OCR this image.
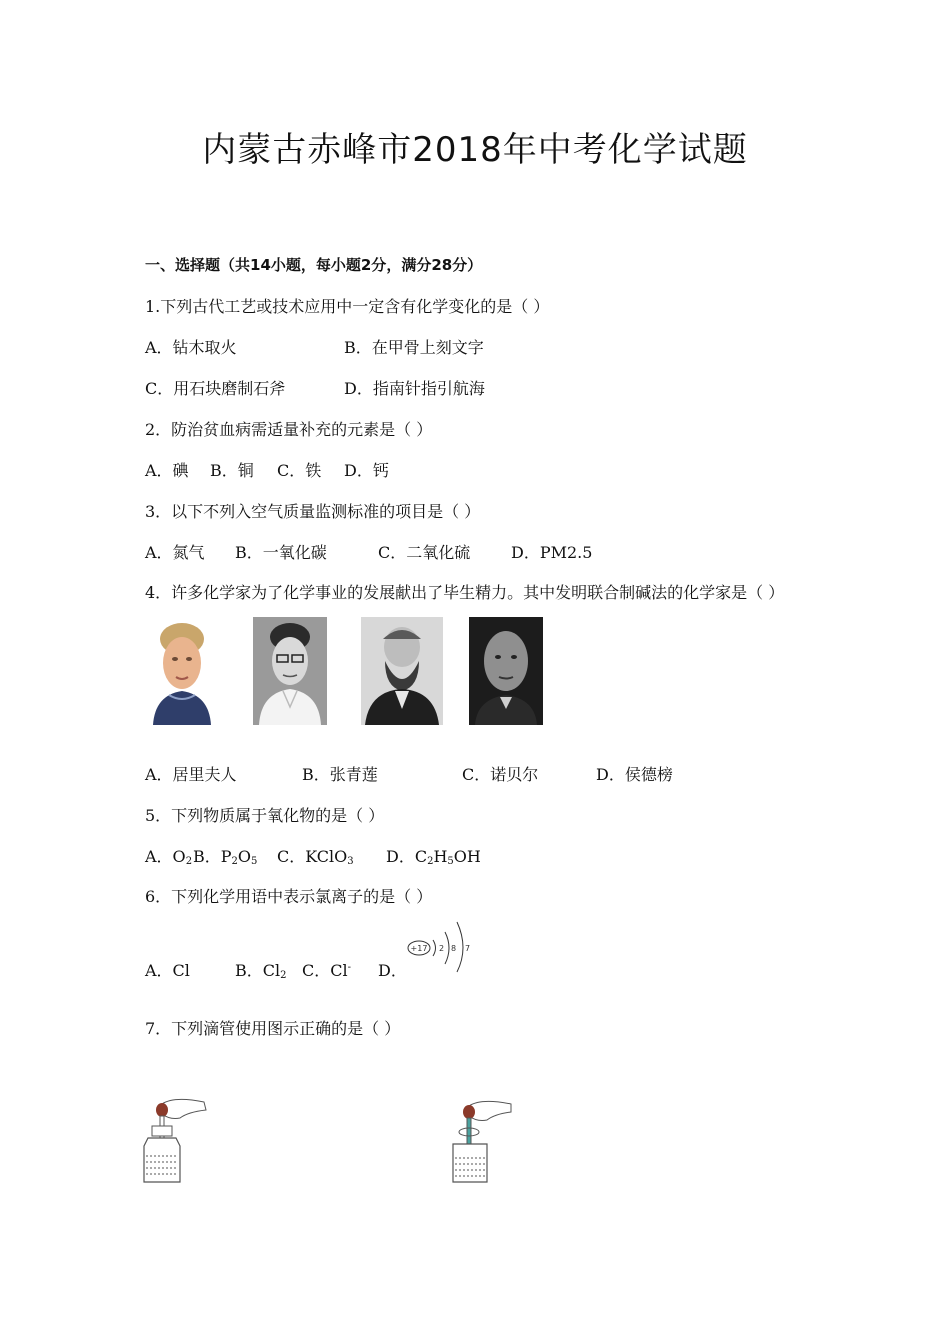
内蒙古赤峰市2018年中考化学试题
一、选择题（共14小题，每小题2分，满分28分）
1.下列古代工艺或技术应用中一定含有化学变化的是（ ）
A．钻木取火	B．在甲骨上刻文字
C．用石块磨制石斧	D．指南针指引航海
2．防治贫血病需适量补充的元素是（ ）
A．碘 B．铜 C．铁 D．钙
3．以下不列入空气质量监测标准的项目是（ ）
A．氮气 B．一氧化碳	C．二氧化硫	D．PM2.5
4．许多化学家为了化学事业的发展献出了毕生精力。其中发明联合制碱法的化学家是（ ）
A．居里夫人	B．张青莲	C．诺贝尔	D．侯德榜
5．下列物质属于氧化物的是（ ）
A．$O_2$ B．$P_2O_5$ C．KClO$_3$ D．$C_2H_5OH$
6．下列化学用语中表示氯离子的是（ ）
A．Cl	B．$Cl_2$ C．Cl- D．
+17 2 8 7
7．下列滴管使用图示正确的是（ ）
